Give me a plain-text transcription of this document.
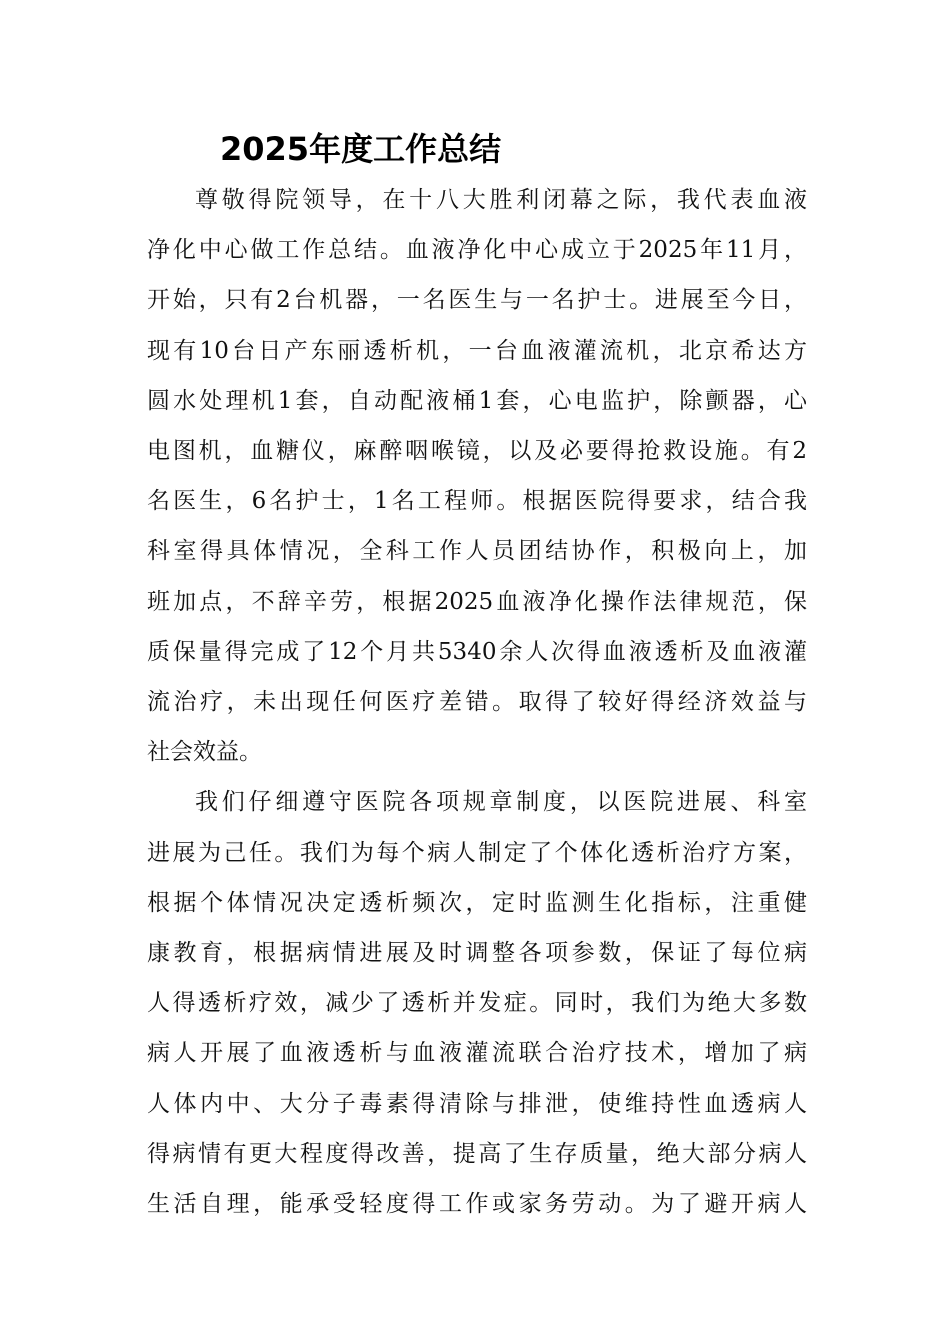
2025年度工作总结
尊敬得院领导，在十八大胜利闭幕之际，我代表血液
净化中心做工作总结。血液净化中心成立于2025年11月，
开始，只有2台机器，一名医生与一名护士。进展至今日，
现有10台日产东丽透析机，一台血液灌流机，北京希达方
圆水处理机1套，自动配液桶1套，心电监护，除颤器，心
电图机，血糖仪，麻醉咽喉镜，以及必要得抢救设施。有2
名医生，6名护士，1名工程师。根据医院得要求，结合我
科室得具体情况，全科工作人员团结协作，积极向上，加
班加点，不辞辛劳，根据2025血液净化操作法律规范，保
质保量得完成了12个月共5340余人次得血液透析及血液灌
流治疗，未出现任何医疗差错。取得了较好得经济效益与
社会效益。
我们仔细遵守医院各项规章制度，以医院进展、科室
进展为己任。我们为每个病人制定了个体化透析治疗方案，
根据个体情况决定透析频次，定时监测生化指标，注重健
康教育，根据病情进展及时调整各项参数，保证了每位病
人得透析疗效，减少了透析并发症。同时，我们为绝大多数
病人开展了血液透析与血液灌流联合治疗技术，增加了病
人体内中、大分子毒素得清除与排泄，使维持性血透病人
得病情有更大程度得改善，提高了生存质量，绝大部分病人
生活自理，能承受轻度得工作或家务劳动。为了避开病人
